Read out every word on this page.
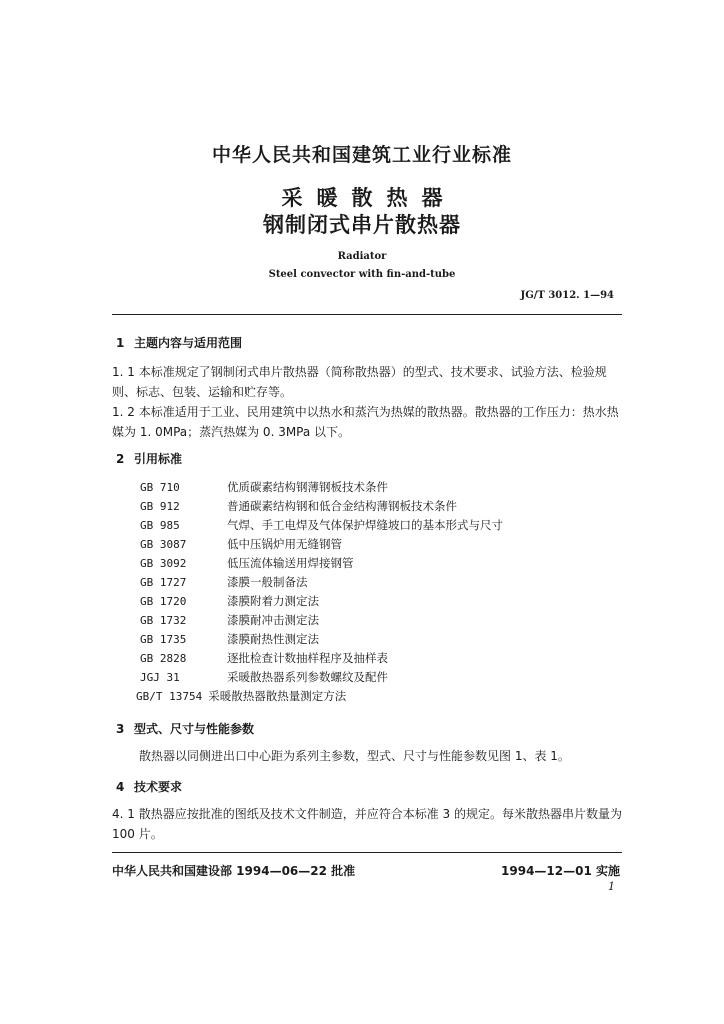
中华人民共和国建筑工业行业标准
采暖散热器
钢制闭式串片散热器
Radiator
Steel convector with fin-and-tube
JG/T 3012. 1—94
1 主题内容与适用范围
1. 1 本标准规定了钢制闭式串片散热器（简称散热器）的型式、技术要求、试验方法、检验规则、标志、包装、运输和贮存等。
1. 2 本标准适用于工业、民用建筑中以热水和蒸汽为热媒的散热器。散热器的工作压力：热水热媒为 1. 0MPa；蒸汽热媒为 0. 3MPa 以下。
2 引用标准
GB 710	优质碳素结构钢薄钢板技术条件
GB 912	普通碳素结构钢和低合金结构薄钢板技术条件
GB 985	气焊、手工电焊及气体保护焊缝坡口的基本形式与尺寸
GB 3087	低中压锅炉用无缝钢管
GB 3092	低压流体输送用焊接钢管
GB 1727	漆膜一般制备法
GB 1720	漆膜附着力测定法
GB 1732	漆膜耐冲击测定法
GB 1735	漆膜耐热性测定法
GB 2828	逐批检查计数抽样程序及抽样表
JGJ 31	采暖散热器系列参数螺纹及配件
GB/T 13754 采暖散热器散热量测定方法
3 型式、尺寸与性能参数
散热器以同侧进出口中心距为系列主参数，型式、尺寸与性能参数见图 1、表 1。
4 技术要求
4. 1 散热器应按批准的图纸及技术文件制造，并应符合本标准 3 的规定。每米散热器串片数量为 100 片。
中华人民共和国建设部 1994—06—22 批准	1994—12—01 实施
1
